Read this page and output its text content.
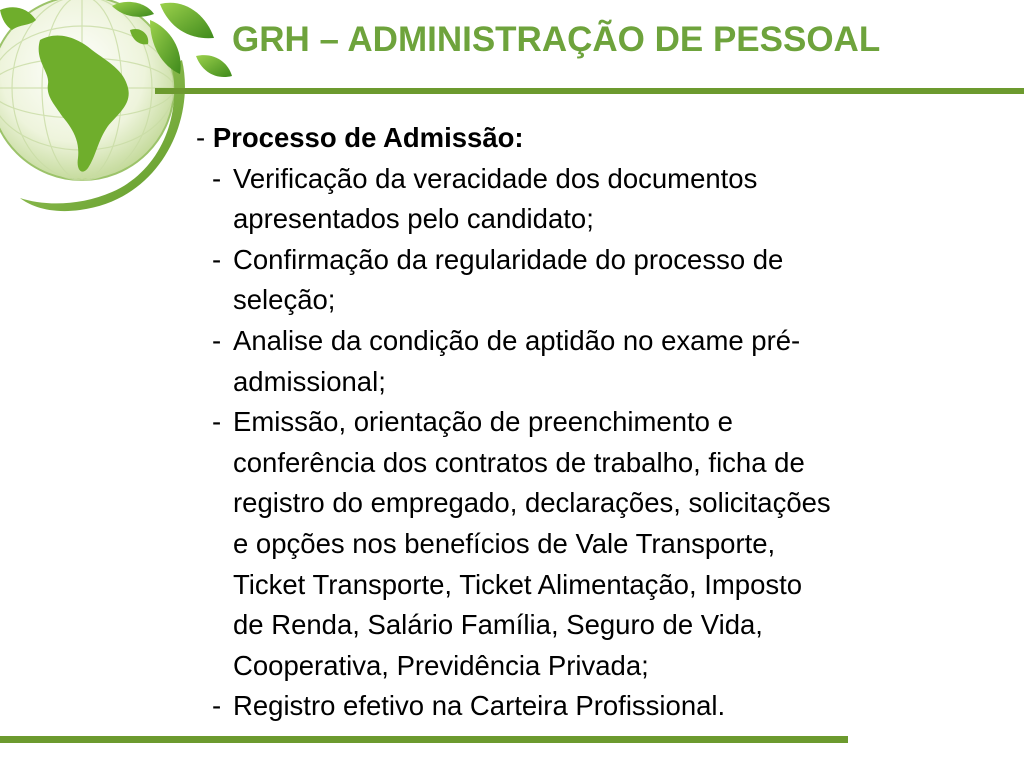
GRH – ADMINISTRAÇÃO DE PESSOAL
- Processo de Admissão:
- Verificação da veracidade dos documentos
apresentados pelo candidato;
- Confirmação da regularidade do processo de
seleção;
- Analise da condição de aptidão no exame pré-
admissional;
- Emissão, orientação de preenchimento e
conferência dos contratos de trabalho, ficha de
registro do empregado, declarações, solicitações
e opções nos benefícios de Vale Transporte,
Ticket Transporte, Ticket Alimentação, Imposto
de Renda, Salário Família, Seguro de Vida,
Cooperativa, Previdência Privada;
- Registro efetivo na Carteira Profissional.
